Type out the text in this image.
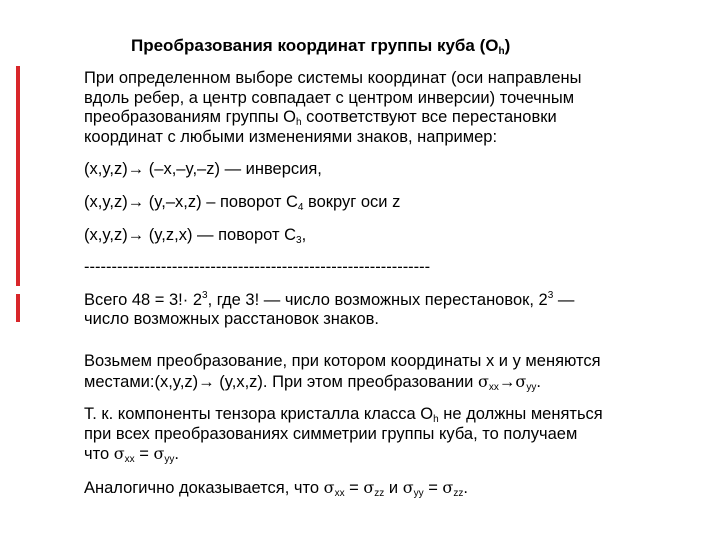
Преобразования координат группы куба $(O_h)$

При определенном выборе системы координат (оси направлены

вдоль ребер, а центр совпадает с центром инверсии) точечным

преобразованиям группы $O_h$ соответствуют все перестановки

координат с любыми изменениями знаков, например:

(x,y,z)→ (–x,–y,–z) — инверсия,

(x,y,z)→ (y,–x,z) – поворот $C_4$ вокруг оси z

(x,y,z)→ (y,z,x) — поворот $C_3$,

---------------------------------------------------------------

Всего $48 = 3!\cdot 2^3$, где 3! — число возможных перестановок, $2^3$ —

число возможных расстановок знаков.

Возьмем преобразование, при котором координаты x и y меняются

местами:(x,y,z)→ (y,x,z). При этом преобразовании $\sigma_{xx}\to\sigma_{yy}$.

Т. к. компоненты тензора кристалла класса $O_h$ не должны меняться

при всех преобразованиях симметрии группы куба, то получаем

что $\sigma_{xx} = \sigma_{yy}$.

Аналогично доказывается, что $\sigma_{xx} = \sigma_{zz}$ и $\sigma_{yy} = \sigma_{zz}$.
